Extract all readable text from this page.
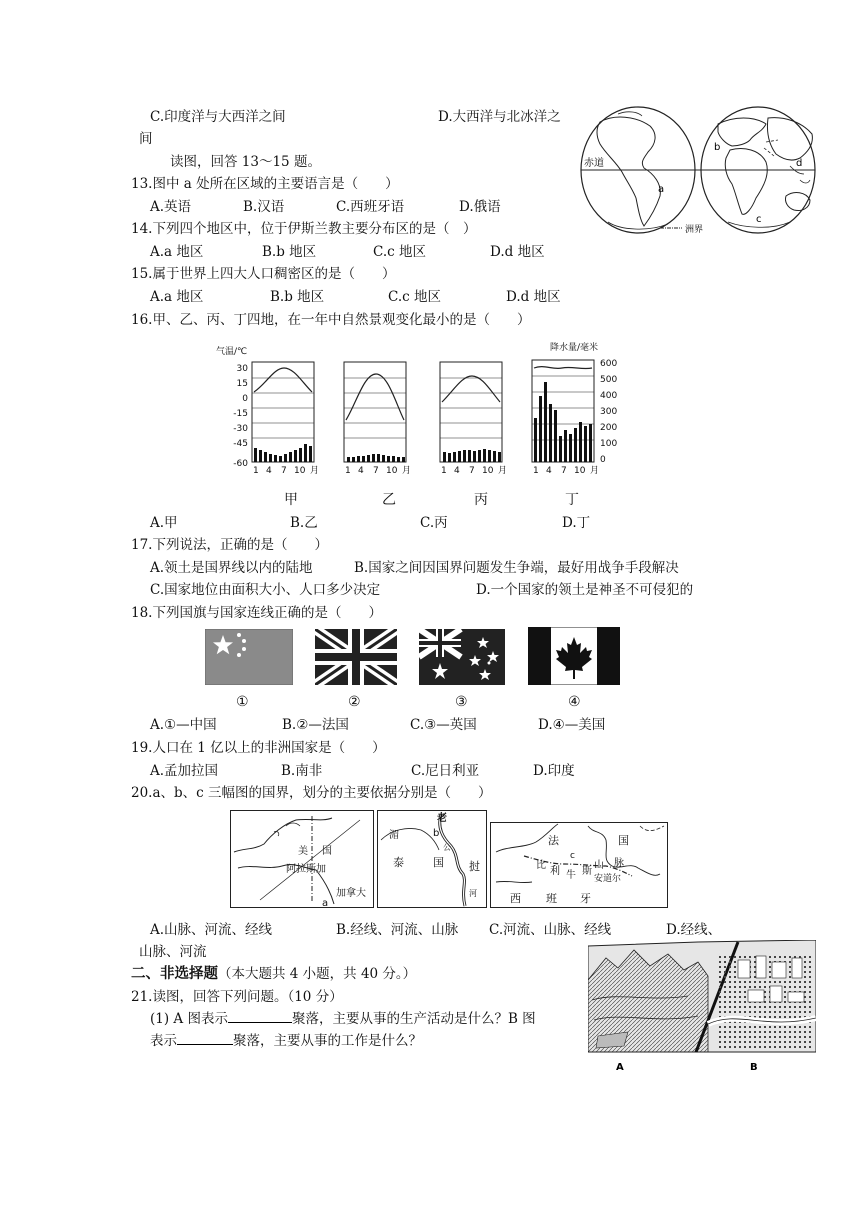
C.印度洋与大西洋之间	D.大西洋与北冰洋之
间
读图，回答 13～15 题。	赤道
a
b
c
d
洲界
13.图中 a 处所在区域的主要语言是（　　）
A.英语	B.汉语	C.西班牙语	D.俄语
14.下列四个地区中，位于伊斯兰教主要分布区的是（　）
A.a 地区	B.b 地区	C.c 地区	D.d 地区
15.属于世界上四大人口稠密区的是（　　）
A.a 地区	B.b 地区	C.c 地区	D.d 地区
16.甲、乙、丙、丁四地，在一年中自然景观变化最小的是（　　）
气温/℃	降水量/毫米
30
15
0
-15
-30
-45
-60
600
500
400
300
200
100
0
1 4 7 10 月	1 4 7 10 月	1 4 7 10 月	1 4 7 10 月
甲	乙	丙	丁
A.甲	B.乙	C.丙	D.丁
17.下列说法，正确的是（　　）
A.领土是国界线以内的陆地	B.国家之间因国界问题发生争端，最好用战争手段解决
C.国家地位由面积大小、人口多少决定	D.一个国家的领土是神圣不可侵犯的
18.下列国旗与国家连线正确的是（　　）
①	②	③	④
A.①—中国	B.②—法国	C.③—英国	D.④—美国
19.人口在 1 亿以上的非洲国家是（　　）
A.孟加拉国	B.南非	C.尼日利亚	D.印度
20.a、b、c 三幅图的国界，划分的主要依据分别是（　　）
美 国
阿拉斯加
加拿大
a
老
湄	b
公
泰	国 挝
河
法	国
比
利
c
牛 斯
山 脉
安道尔
西 班 牙
A.山脉、河流、经线	B.经线、河流、山脉 C.河流、山脉、经线	D.经线、
山脉、河流
二、非选择题（本大题共 4 小题，共 40 分。）
21.读图，回答下列问题。（10 分）
(1) A 图表示	聚落，主要从事的生产活动是什么？B 图
表示	聚落，主要从事的工作是什么？
A	B
